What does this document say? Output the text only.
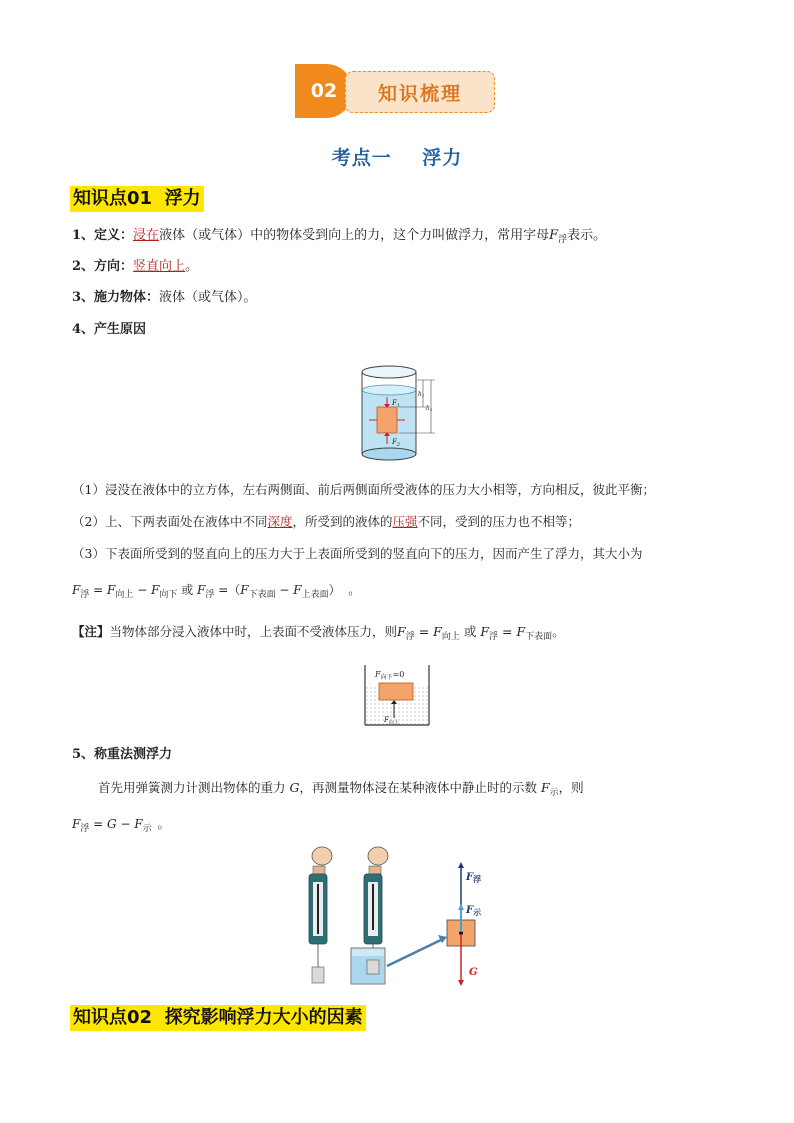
02	知识梳理
考点一    浮力
知识点01  浮力
1、定义：浸在液体（或气体）中的物体受到向上的力，这个力叫做浮力，常用字母$F_浮$表示。
2、方向：竖直向上。
3、施力物体：液体（或气体）。
4、产生原因
$F_1$
$F_2$
h1
h2
（1）浸没在液体中的立方体，左右两侧面、前后两侧面所受液体的压力大小相等，方向相反，彼此平衡；
（2）上、下两表面处在液体中不同深度，所受到的液体的压强不同，受到的压力也不相等；
（3）下表面所受到的竖直向上的压力大于上表面所受到的竖直向下的压力，因而产生了浮力，其大小为
$F_浮 = F_{向上} - F_{向下}$ 或 $F_浮 =(F_{下表面} - F_{上表面})$  。
【注】当物体部分浸入液体中时，上表面不受液体压力，则$F_浮 = F_{向上}$ 或 $F_浮 = F_{下表面}$。
$F_{向下}=0$
$F_{向上}$
5、称重法测浮力
首先用弹簧测力计测出物体的重力 G，再测量物体浸在某种液体中静止时的示数 $F_示$，则
$F_浮 = G - F_示$ 。
$F_浮$
$F_示$
G
知识点02  探究影响浮力大小的因素
